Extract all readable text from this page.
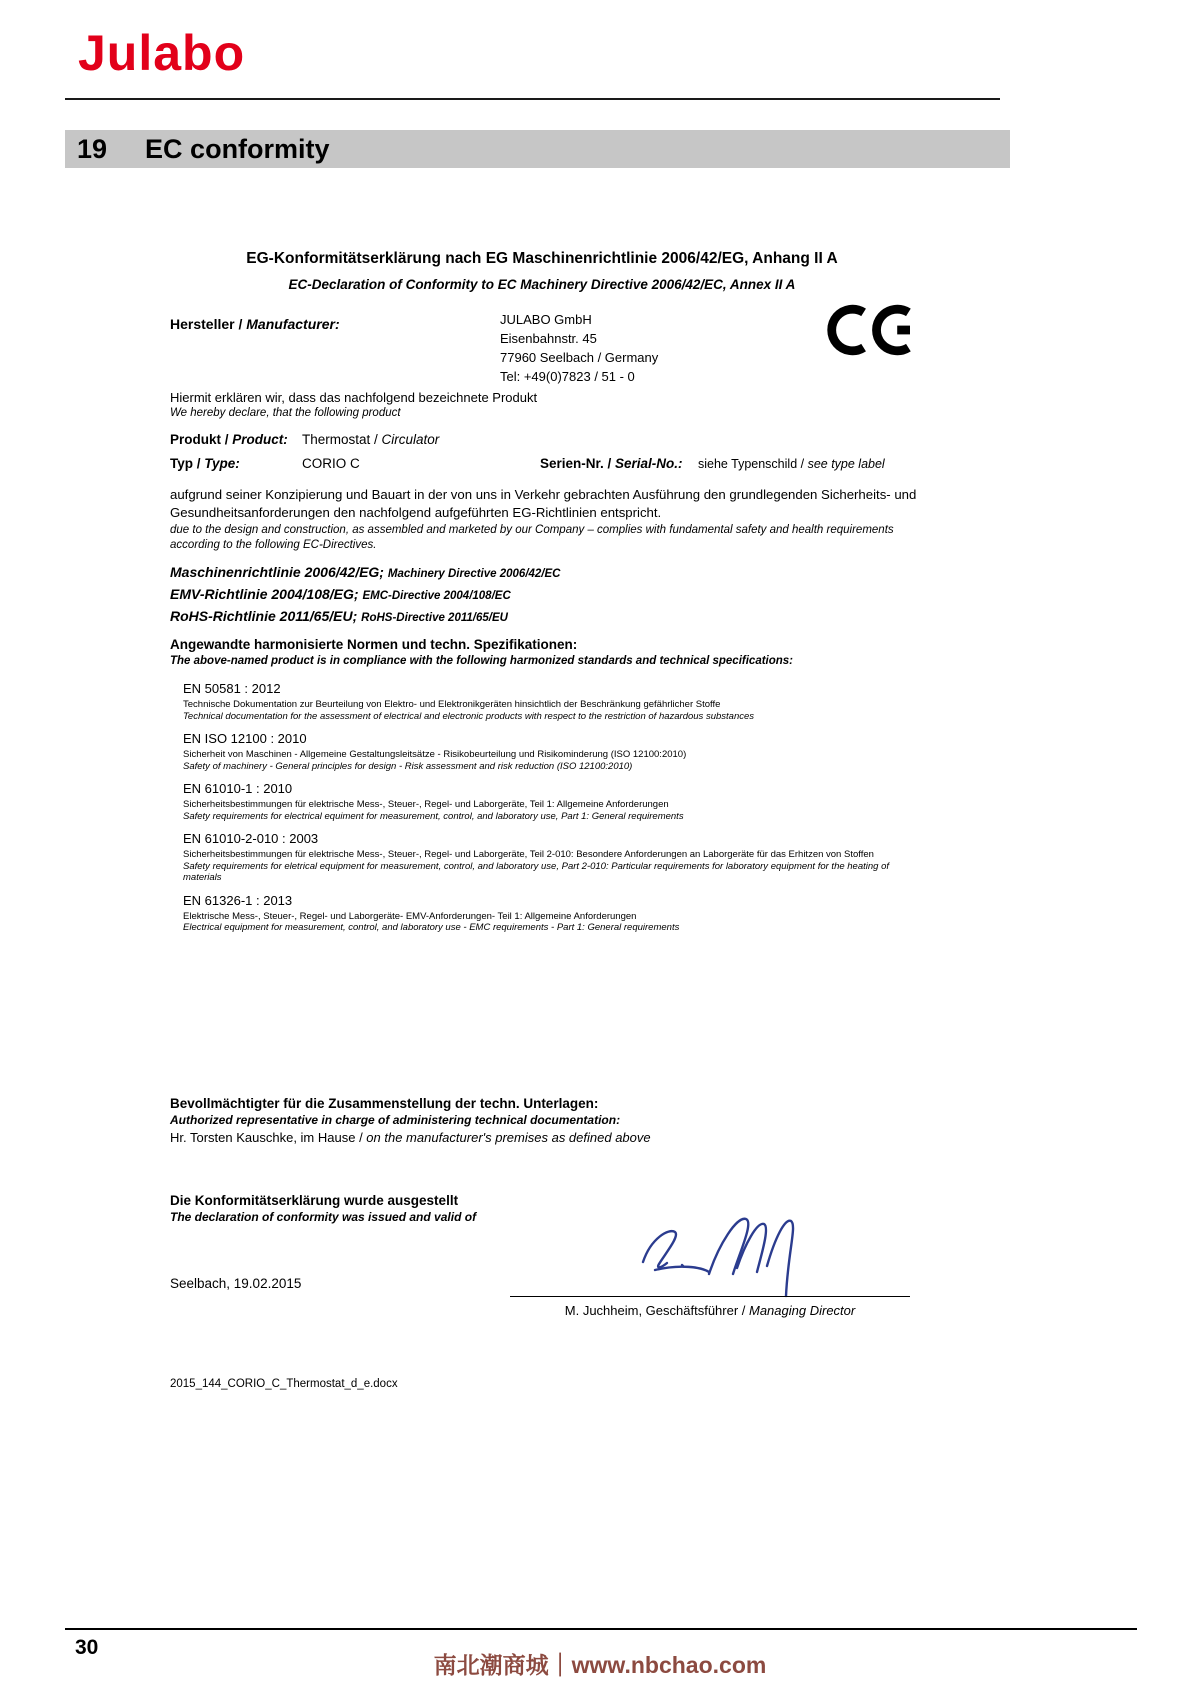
Julabo
19 EC conformity
EG-Konformitätserklärung nach EG Maschinenrichtlinie 2006/42/EG, Anhang II A
EC-Declaration of Conformity to EC Machinery Directive 2006/42/EC, Annex II A
Hersteller / Manufacturer:	JULABO GmbH
Eisenbahnstr. 45
77960 Seelbach / Germany
Tel: +49(0)7823 / 51 - 0
Hiermit erklären wir, dass das nachfolgend bezeichnete Produkt
We hereby declare, that the following product
Produkt / Product: Thermostat / Circulator
Typ / Type:	CORIO C	Serien-Nr. / Serial-No.: siehe Typenschild / see type label
aufgrund seiner Konzipierung und Bauart in der von uns in Verkehr gebrachten Ausführung den grundlegenden Sicherheits- und Gesundheitsanforderungen den nachfolgend aufgeführten EG-Richtlinien entspricht.
due to the design and construction, as assembled and marketed by our Company – complies with fundamental safety and health requirements according to the following EC-Directives.
Maschinenrichtlinie 2006/42/EG; Machinery Directive 2006/42/EC
EMV-Richtlinie 2004/108/EG; EMC-Directive 2004/108/EC
RoHS-Richtlinie 2011/65/EU; RoHS-Directive 2011/65/EU
Angewandte harmonisierte Normen und techn. Spezifikationen:
The above-named product is in compliance with the following harmonized standards and technical specifications:
EN 50581 : 2012
Technische Dokumentation zur Beurteilung von Elektro- und Elektronikgeräten hinsichtlich der Beschränkung gefährlicher Stoffe
Technical documentation for the assessment of electrical and electronic products with respect to the restriction of hazardous substances
EN ISO 12100 : 2010
Sicherheit von Maschinen - Allgemeine Gestaltungsleitsätze - Risikobeurteilung und Risikominderung (ISO 12100:2010)
Safety of machinery - General principles for design - Risk assessment and risk reduction (ISO 12100:2010)
EN 61010-1 : 2010
Sicherheitsbestimmungen für elektrische Mess-, Steuer-, Regel- und Laborgeräte, Teil 1: Allgemeine Anforderungen
Safety requirements for electrical equiment for measurement, control, and laboratory use, Part 1: General requirements
EN 61010-2-010 : 2003
Sicherheitsbestimmungen für elektrische Mess-, Steuer-, Regel- und Laborgeräte, Teil 2-010: Besondere Anforderungen an Laborgeräte für das Erhitzen von Stoffen
Safety requirements for eletrical equipment for measurement, control, and laboratory use, Part 2-010: Particular requirements for laboratory equipment for the heating of materials
EN 61326-1 : 2013
Elektrische Mess-, Steuer-, Regel- und Laborgeräte- EMV-Anforderungen- Teil 1: Allgemeine Anforderungen
Electrical equipment for measurement, control, and laboratory use - EMC requirements - Part 1: General requirements
Bevollmächtigter für die Zusammenstellung der techn. Unterlagen:
Authorized representative in charge of administering technical documentation:
Hr. Torsten Kauschke, im Hause / on the manufacturer's premises as defined above
Die Konformitätserklärung wurde ausgestellt
The declaration of conformity was issued and valid of
Seelbach, 19.02.2015
M. Juchheim, Geschäftsführer / Managing Director
2015_144_CORIO_C_Thermostat_d_e.docx
30
南北潮商城｜www.nbchao.com
